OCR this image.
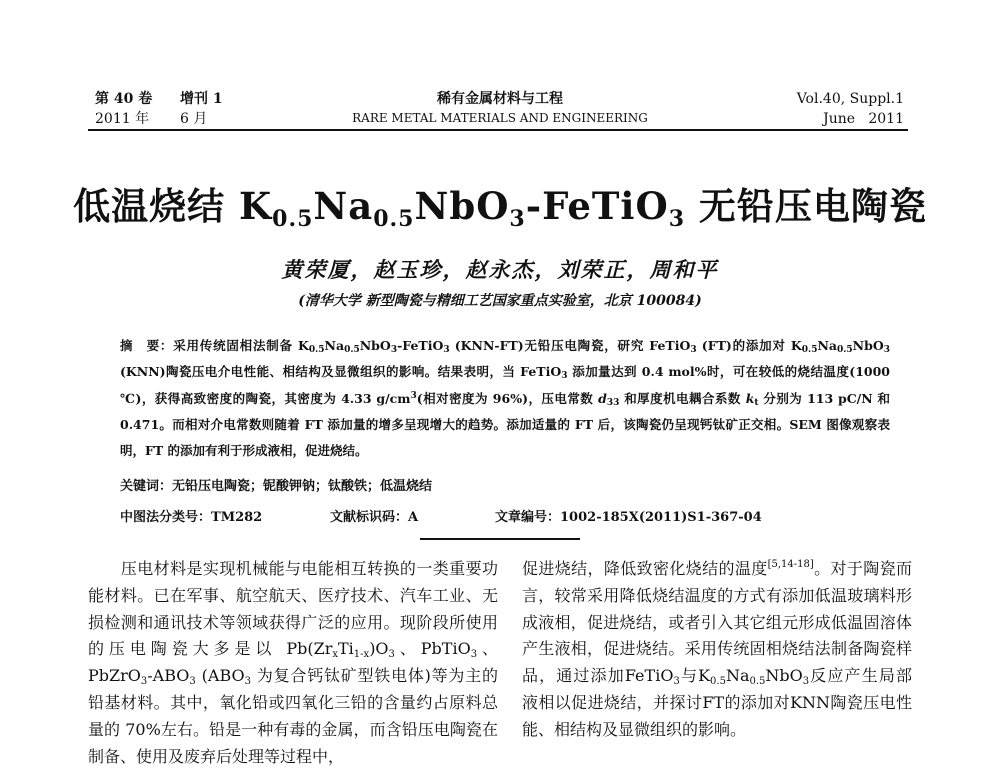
第 40 卷
2011 年
增刊 1
6 月
稀有金属材料与工程
RARE METAL MATERIALS AND ENGINEERING
Vol.40, Suppl.1
June   2011
低温烧结 $K_{0.5}Na_{0.5}NbO_3-FeTiO_3$ 无铅压电陶瓷
黄荣厦，赵玉珍，赵永杰，刘荣正，周和平
(清华大学 新型陶瓷与精细工艺国家重点实验室，北京 100084)

摘　要：采用传统固相法制备 $K_{0.5}Na_{0.5}NbO_3-FeTiO_3$ (KNN-FT)无铅压电陶瓷，研究 FeTiO$_3$ (FT)的添加对 $K_{0.5}Na_{0.5}NbO_3$ (KNN)陶瓷压电介电性能、相结构及显微组织的影响。结果表明，当 FeTiO$_3$ 添加量达到 0.4 mol%时，可在较低的烧结温度(1000 ℃)，获得高致密度的陶瓷，其密度为 4.33 $g/cm^3$(相对密度为 96%)，压电常数 $d_{33}$ 和厚度机电耦合系数 $k_t$ 分别为 113 pC/N 和 0.471。而相对介电常数则随着 FT 添加量的增多呈现增大的趋势。添加适量的 FT 后，该陶瓷仍呈现钙钛矿正交相。SEM 图像观察表明，FT 的添加有利于形成液相，促进烧结。

关键词：无铅压电陶瓷；铌酸钾钠；钛酸铁；低温烧结
中图法分类号：TM282	文献标识码：A	文章编号：1002-185X(2011)S1-367-04

　　压电材料是实现机械能与电能相互转换的一类重要功能材料。已在军事、航空航天、医疗技术、汽车工业、无损检测和通讯技术等领域获得广泛的应用。现阶段所使用的压电陶瓷大多是以 $Pb(Zr_xTi_{1-x})O_3$、PbTiO$_3$、$PbZrO_3-ABO_3$ ($ABO_3$ 为复合钙钛矿型铁电体)等为主的铅基材料。其中，氧化铅或四氧化三铅的含量约占原料总量的 70%左右。铅是一种有毒的金属，而含铅压电陶瓷在制备、使用及废弃后处理等过程中，

促进烧结，降低致密化烧结的温度[5,14-18]。对于陶瓷而言，较常采用降低烧结温度的方式有添加低温玻璃料形成液相，促进烧结，或者引入其它组元形成低温固溶体产生液相，促进烧结。采用传统固相烧结法制备陶瓷样品，通过添加FeTiO$_3$与$K_{0.5}Na_{0.5}NbO_3$反应产生局部液相以促进烧结，并探讨FT的添加对KNN陶瓷压电性能、相结构及显微组织的影响。
